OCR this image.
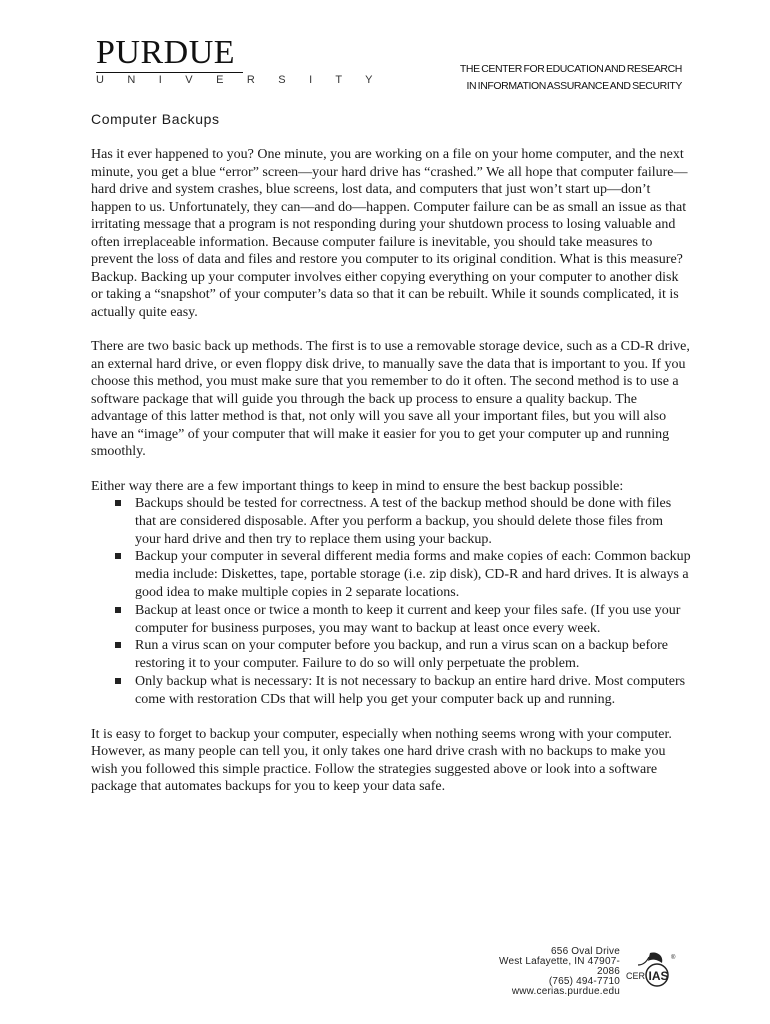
PURDUE
U N I V E R S I T Y
THE CENTER FOR EDUCATION AND RESEARCH
IN INFORMATION ASSURANCE AND SECURITY
Computer Backups

Has it ever happened to you? One minute, you are working on a file on your home computer, and the next minute, you get a blue “error” screen—your hard drive has “crashed.” We all hope that computer failure—hard drive and system crashes, blue screens, lost data, and computers that just won’t start up—don’t happen to us. Unfortunately, they can—and do—happen. Computer failure can be as small an issue as that irritating message that a program is not responding during your shutdown process to losing valuable and often irreplaceable information. Because computer failure is inevitable, you should take measures to prevent the loss of data and files and restore you computer to its original condition. What is this measure? Backup. Backing up your computer involves either copying everything on your computer to another disk or taking a “snapshot” of your computer’s data so that it can be rebuilt. While it sounds complicated, it is actually quite easy.

There are two basic back up methods. The first is to use a removable storage device, such as a CD-R drive, an external hard drive, or even floppy disk drive, to manually save the data that is important to you. If you choose this method, you must make sure that you remember to do it often. The second method is to use a software package that will guide you through the back up process to ensure a quality backup. The advantage of this latter method is that, not only will you save all your important files, but you will also have an “image” of your computer that will make it easier for you to get your computer up and running smoothly.

Either way there are a few important things to keep in mind to ensure the best backup possible:

Backups should be tested for correctness. A test of the backup method should be done with files that are considered disposable. After you perform a backup, you should delete those files from your hard drive and then try to replace them using your backup.
Backup your computer in several different media forms and make copies of each: Common backup media include: Diskettes, tape, portable storage (i.e. zip disk), CD-R and hard drives. It is always a good idea to make multiple copies in 2 separate locations.
Backup at least once or twice a month to keep it current and keep your files safe. (If you use your computer for business purposes, you may want to backup at least once every week.
Run a virus scan on your computer before you backup, and run a virus scan on a backup before restoring it to your computer. Failure to do so will only perpetuate the problem.
Only backup what is necessary: It is not necessary to backup an entire hard drive. Most computers come with restoration CDs that will help you get your computer back up and running.

It is easy to forget to backup your computer, especially when nothing seems wrong with your computer. However, as many people can tell you, it only takes one hard drive crash with no backups to make you wish you followed this simple practice. Follow the strategies suggested above or look into a software package that automates backups for you to keep your data safe.

656 Oval Drive
West Lafayette, IN 47907-2086
(765) 494-7710
www.cerias.purdue.edu
CER IAS
®
